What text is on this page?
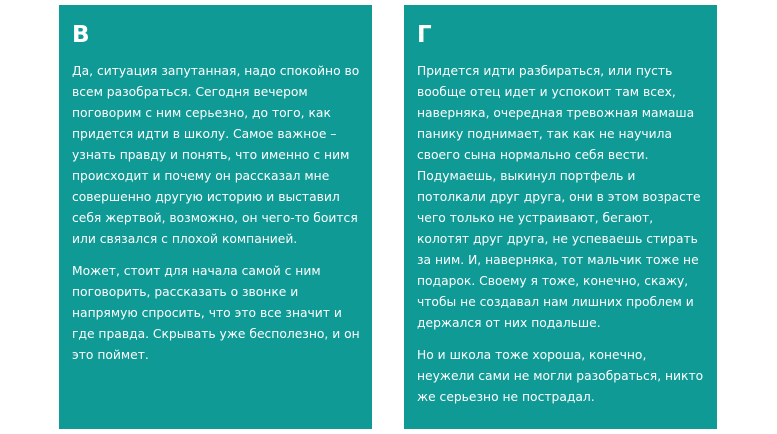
В

Да, ситуация запутанная, надо спокойно во всем разобраться. Сегодня вечером поговорим с ним серьезно, до того, как придется идти в школу. Самое важное – узнать правду и понять, что именно с ним происходит и почему он рассказал мне совершенно другую историю и выставил себя жертвой, возможно, он чего-то боится или связался с плохой компанией.

Может, стоит для начала самой с ним поговорить, рассказать о звонке и напрямую спросить, что это все значит и где правда. Скрывать уже бесполезно, и он это поймет.

Г

Придется идти разбираться, или пусть вообще отец идет и успокоит там всех, наверняка, очередная тревожная мамаша панику поднимает, так как не научила своего сына нормально себя вести. Подумаешь, выкинул портфель и потолкали друг друга, они в этом возрасте чего только не устраивают, бегают, колотят друг друга, не успеваешь стирать за ним. И, наверняка, тот мальчик тоже не подарок. Своему я тоже, конечно, скажу, чтобы не создавал нам лишних проблем и держался от них подальше.

Но и школа тоже хороша, конечно, неужели сами не могли разобраться, никто же серьезно не пострадал.
